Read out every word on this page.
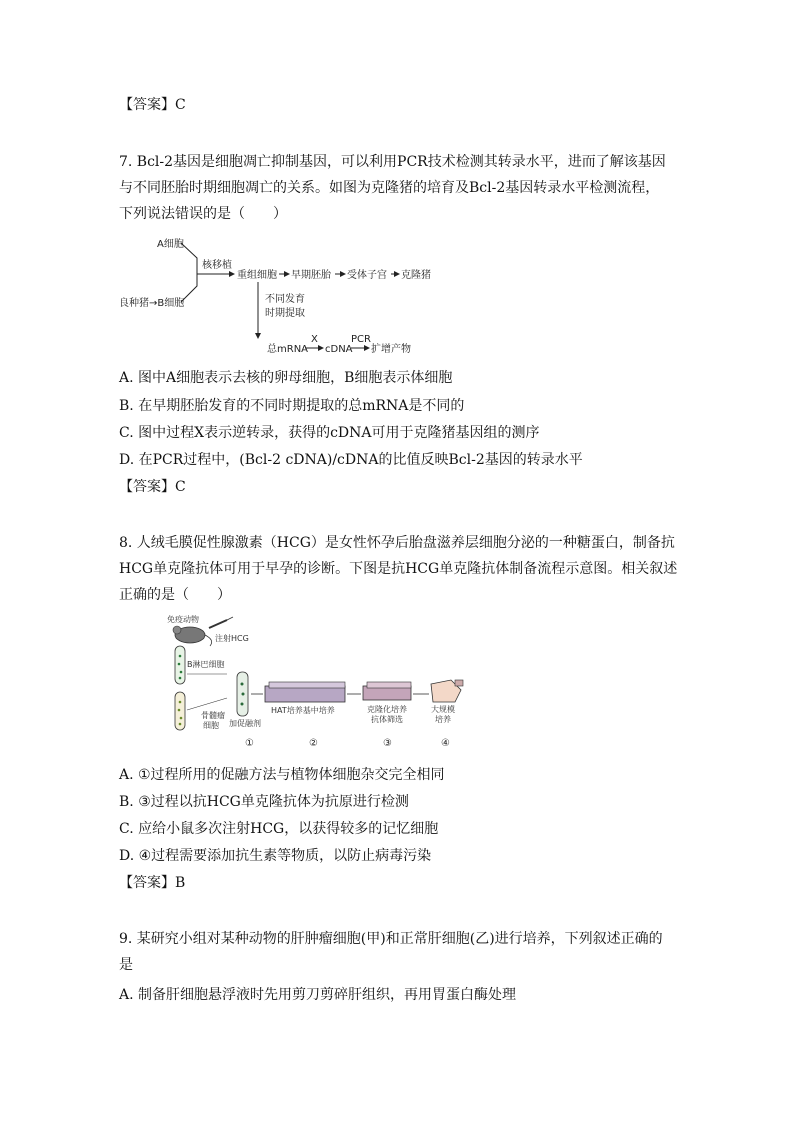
【答案】C
7. Bcl-2基因是细胞凋亡抑制基因，可以利用PCR技术检测其转录水平，进而了解该基因
与不同胚胎时期细胞凋亡的关系。如图为克隆猪的培育及Bcl-2基因转录水平检测流程，
下列说法错误的是（　　）
A细胞
核移植
重组细胞 早期胚胎 受体子宫 克隆猪
良种猪→B细胞	不同发育
时期提取
总mRNA
X
cDNA
PCR
扩增产物
A. 图中A细胞表示去核的卵母细胞，B细胞表示体细胞
B. 在早期胚胎发育的不同时期提取的总mRNA是不同的
C. 图中过程X表示逆转录，获得的cDNA可用于克隆猪基因组的测序
D. 在PCR过程中，(Bcl-2 cDNA)/cDNA的比值反映Bcl-2基因的转录水平
【答案】C
8. 人绒毛膜促性腺激素（HCG）是女性怀孕后胎盘滋养层细胞分泌的一种糖蛋白，制备抗
HCG单克隆抗体可用于早孕的诊断。下图是抗HCG单克隆抗体制备流程示意图。相关叙述
正确的是（　　）
免疫动物
注射HCG
B淋巴细胞
骨髓瘤
细胞 加促融剂
HAT培养基中培养	克隆化培养
抗体筛选
大规模
培养
①	②	③	④
A. ①过程所用的促融方法与植物体细胞杂交完全相同
B. ③过程以抗HCG单克隆抗体为抗原进行检测
C. 应给小鼠多次注射HCG，以获得较多的记忆细胞
D. ④过程需要添加抗生素等物质，以防止病毒污染
【答案】B
9. 某研究小组对某种动物的肝肿瘤细胞(甲)和正常肝细胞(乙)进行培养，下列叙述正确的
是
A. 制备肝细胞悬浮液时先用剪刀剪碎肝组织，再用胃蛋白酶处理
